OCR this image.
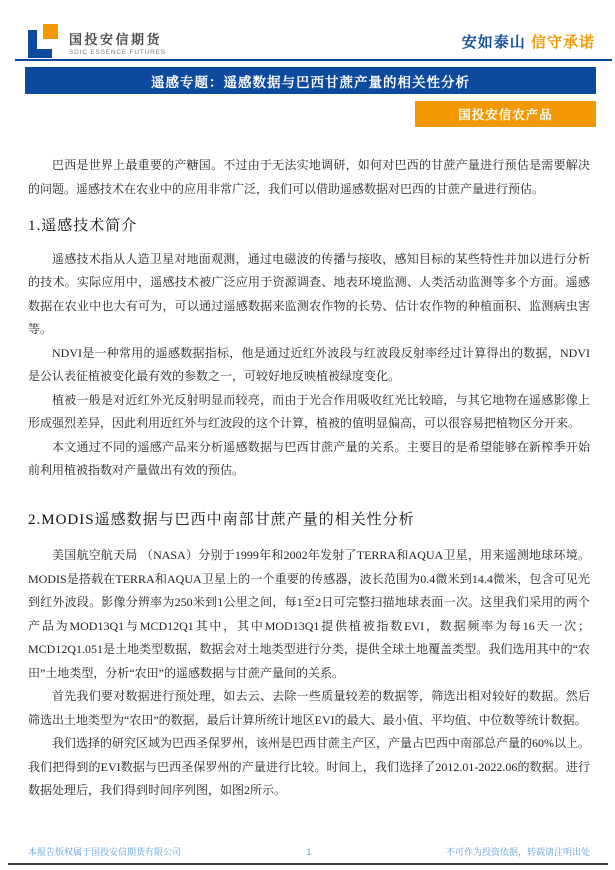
国投安信期货
SDIC ESSENCE FUTURES
安如泰山 信守承诺
遥感专题：遥感数据与巴西甘蔗产量的相关性分析
国投安信农产品

巴西是世界上最重要的产糖国。不过由于无法实地调研，如何对巴西的甘蔗产量进行预估是需要解决的问题。遥感技术在农业中的应用非常广泛，我们可以借助遥感数据对巴西的甘蔗产量进行预估。

1.遥感技术简介

遥感技术指从人造卫星对地面观测，通过电磁波的传播与接收，感知目标的某些特性并加以进行分析的技术。实际应用中，遥感技术被广泛应用于资源调查、地表环境监测、人类活动监测等多个方面。遥感数据在农业中也大有可为，可以通过遥感数据来监测农作物的长势、估计农作物的种植面积、监测病虫害等。

NDVI是一种常用的遥感数据指标，他是通过近红外波段与红波段反射率经过计算得出的数据，NDVI是公认表征植被变化最有效的参数之一，可较好地反映植被绿度变化。

植被一般是对近红外光反射明显而较亮，而由于光合作用吸收红光比较暗，与其它地物在遥感影像上形成强烈差异，因此利用近红外与红波段的这个计算，植被的值明显偏高，可以很容易把植物区分开来。

本文通过不同的遥感产品来分析遥感数据与巴西甘蔗产量的关系。主要目的是希望能够在新榨季开始前利用植被指数对产量做出有效的预估。

2.MODIS遥感数据与巴西中南部甘蔗产量的相关性分析

美国航空航天局 （NASA）分别于1999年和2002年发射了TERRA和AQUA卫星，用来遥测地球环境。 MODIS是搭载在TERRA和AQUA卫星上的一个重要的传感器，波长范围为0.4微米到14.4微米，包含可见光到红外波段。影像分辨率为250米到1公里之间，每1至2日可完整扫描地球表面一次。这里我们采用的两个产品为MOD13Q1与MCD12Q1其中，其中MOD13Q1提供植被指数EVI，数据频率为每16天一次；MCD12Q1.051是土地类型数据，数据会对土地类型进行分类，提供全球土地覆盖类型。我们选用其中的“农田”土地类型，分析“农田”的遥感数据与甘蔗产量间的关系。

首先我们要对数据进行预处理，如去云、去除一些质量较差的数据等，筛选出相对较好的数据。然后筛选出土地类型为“农田”的数据，最后计算所统计地区EVI的最大、最小值、平均值、中位数等统计数据。

我们选择的研究区域为巴西圣保罗州，该州是巴西甘蔗主产区，产量占巴西中南部总产量的60%以上。我们把得到的EVI数据与巴西圣保罗州的产量进行比较。时间上，我们选择了2012.01-2022.06的数据。进行数据处理后，我们得到时间序列图，如图2所示。

本报告版权属于国投安信期货有限公司	1	不可作为投资依据，转载请注明出处
